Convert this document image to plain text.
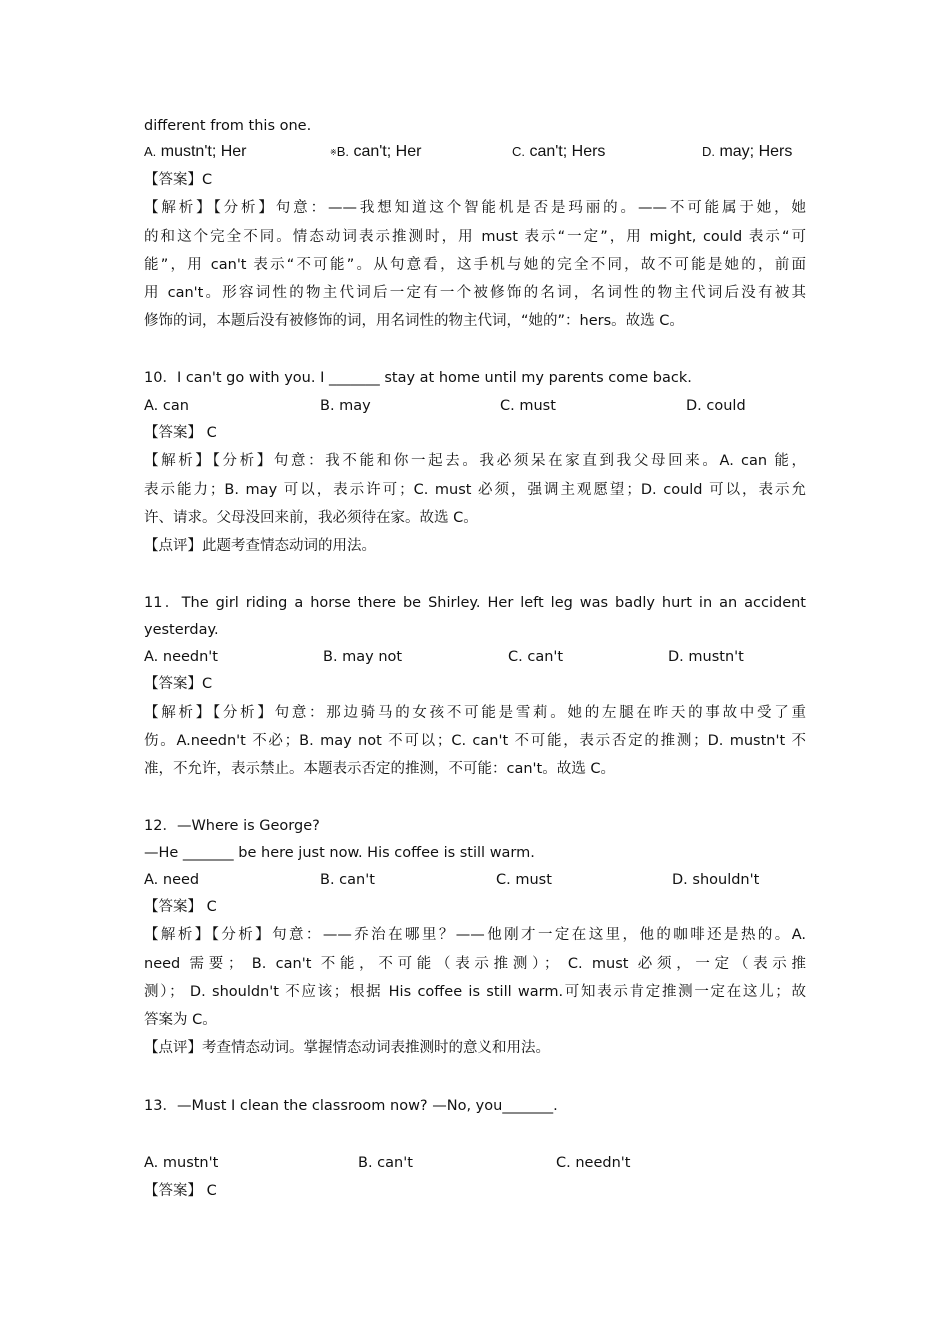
different from this one.
A. mustn't; Her	※B. can't; Her	C. can't; Hers	D. may; Hers
【答案】C
【解析】【分析】句意：——我想知道这个智能机是否是玛丽的。——不可能属于她，她
的和这个完全不同。情态动词表示推测时，用 must 表示“一定”，用 might, could 表示“可
能”，用 can't 表示“不可能”。从句意看，这手机与她的完全不同，故不可能是她的，前面
用 can't。形容词性的物主代词后一定有一个被修饰的名词，名词性的物主代词后没有被其
修饰的词，本题后没有被修饰的词，用名词性的物主代词，“她的”：hers。故选 C。
10．I can't go with you. I _______ stay at home until my parents come back.
A. can	B. may	C. must	D. could
【答案】 C
【解析】【分析】句意：我不能和你一起去。我必须呆在家直到我父母回来。A. can 能，
表示能力；B. may 可以，表示许可；C. must 必须，强调主观愿望；D. could 可以，表示允
许、请求。父母没回来前，我必须待在家。故选 C。
【点评】此题考查情态动词的用法。
11．The girl riding a horse there be Shirley. Her left leg was badly hurt in an accident
yesterday.
A. needn't	B. may not	C. can't	D. mustn't
【答案】C
【解析】【分析】句意：那边骑马的女孩不可能是雪莉。她的左腿在昨天的事故中受了重
伤。A.needn't 不必；B. may not 不可以；C. can't 不可能，表示否定的推测；D. mustn't 不
准，不允许，表示禁止。本题表示否定的推测，不可能：can't。故选 C。
12．—Where is George?
—He _______ be here just now. His coffee is still warm.
A. need	B. can't	C. must	D. shouldn't
【答案】 C
【解析】【分析】句意：——乔治在哪里？——他刚才一定在这里，他的咖啡还是热的。A.
need 需要； B. can't 不能，不可能（表示推测）； C. must 必须，一定（表示推
测）； D. shouldn't 不应该；根据 His coffee is still warm.可知表示肯定推测一定在这儿；故
答案为 C。
【点评】考查情态动词。掌握情态动词表推测时的意义和用法。
13．—Must I clean the classroom now? —No, you_______.
A. mustn't	B. can't	C. needn't
【答案】 C
